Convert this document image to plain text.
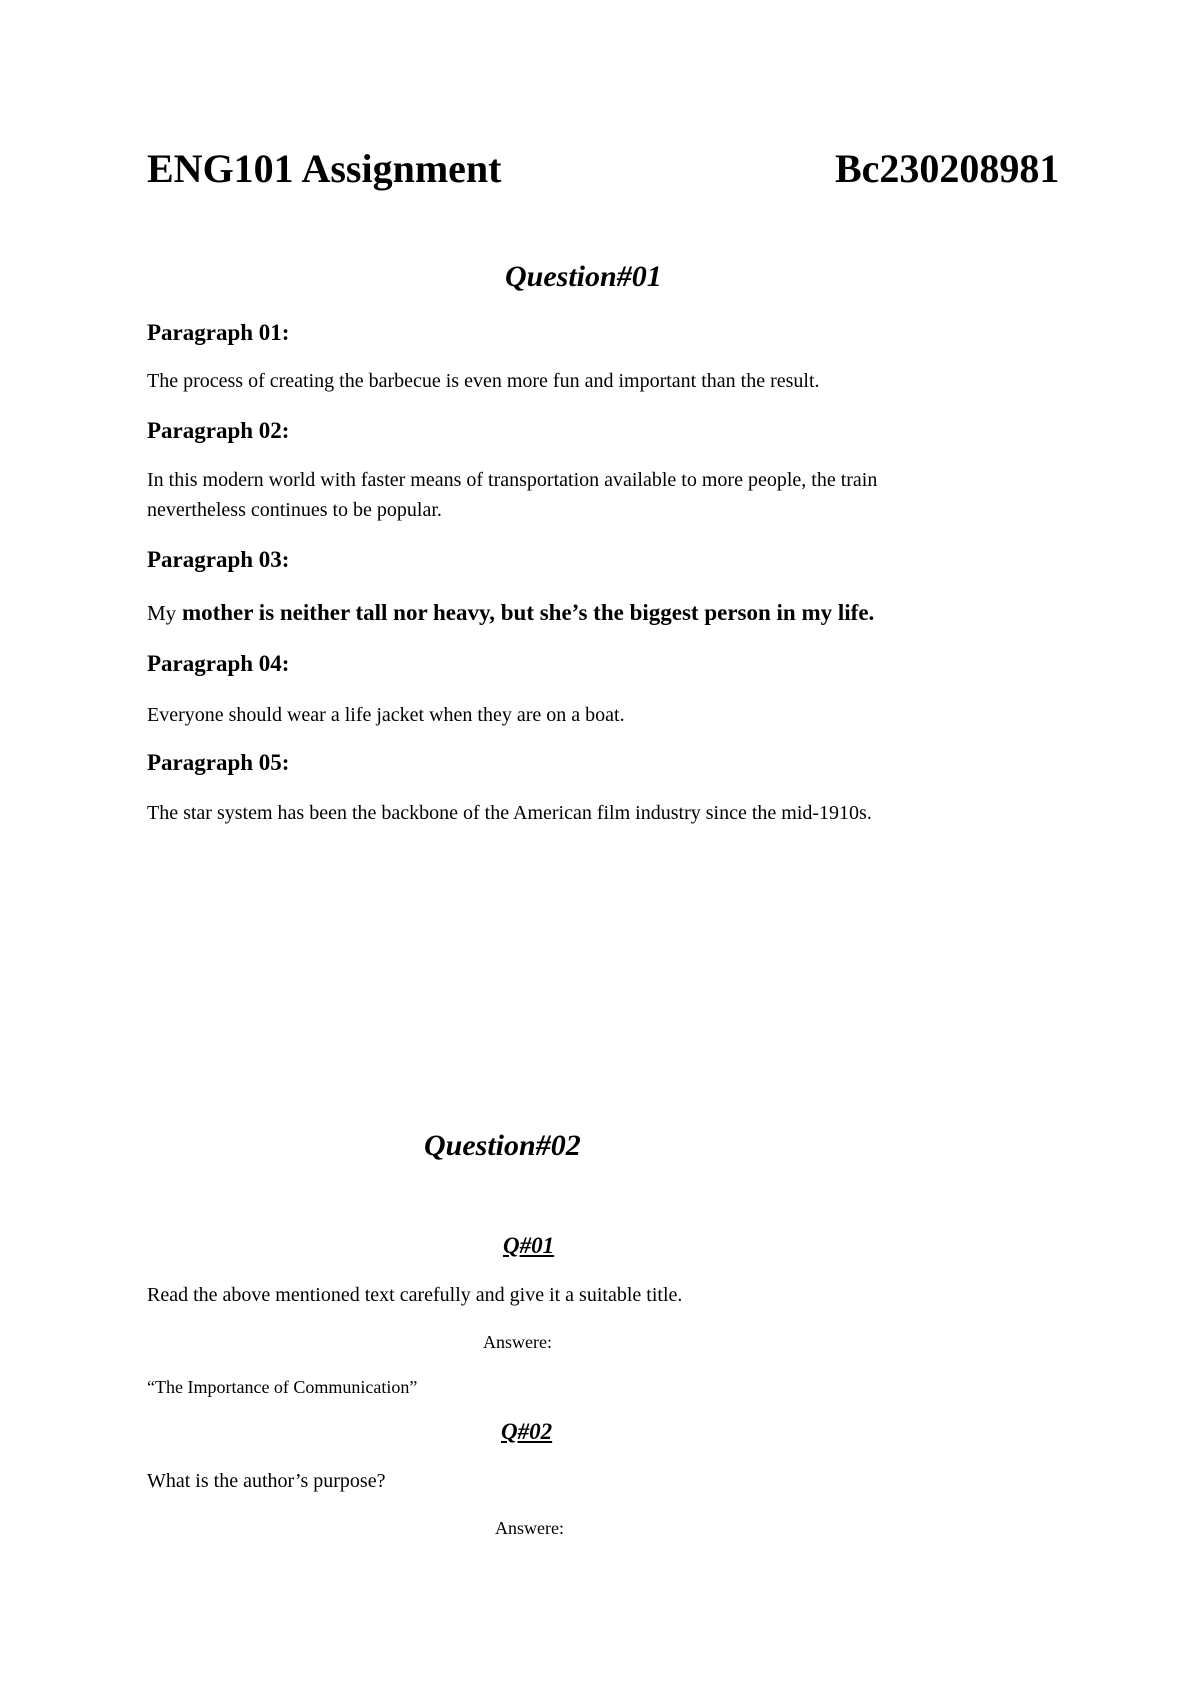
ENG101 Assignment	Bc230208981
Question#01
Paragraph 01:
The process of creating the barbecue is even more fun and important than the result.
Paragraph 02:
In this modern world with faster means of transportation available to more people, the train
nevertheless continues to be popular.
Paragraph 03:
My mother is neither tall nor heavy, but she’s the biggest person in my life.
Paragraph 04:
Everyone should wear a life jacket when they are on a boat.
Paragraph 05:
The star system has been the backbone of the American film industry since the mid-1910s.
Question#02
Q#01
Read the above mentioned text carefully and give it a suitable title.
Answere:
“The Importance of Communication”
Q#02
What is the author’s purpose?
Answere:
